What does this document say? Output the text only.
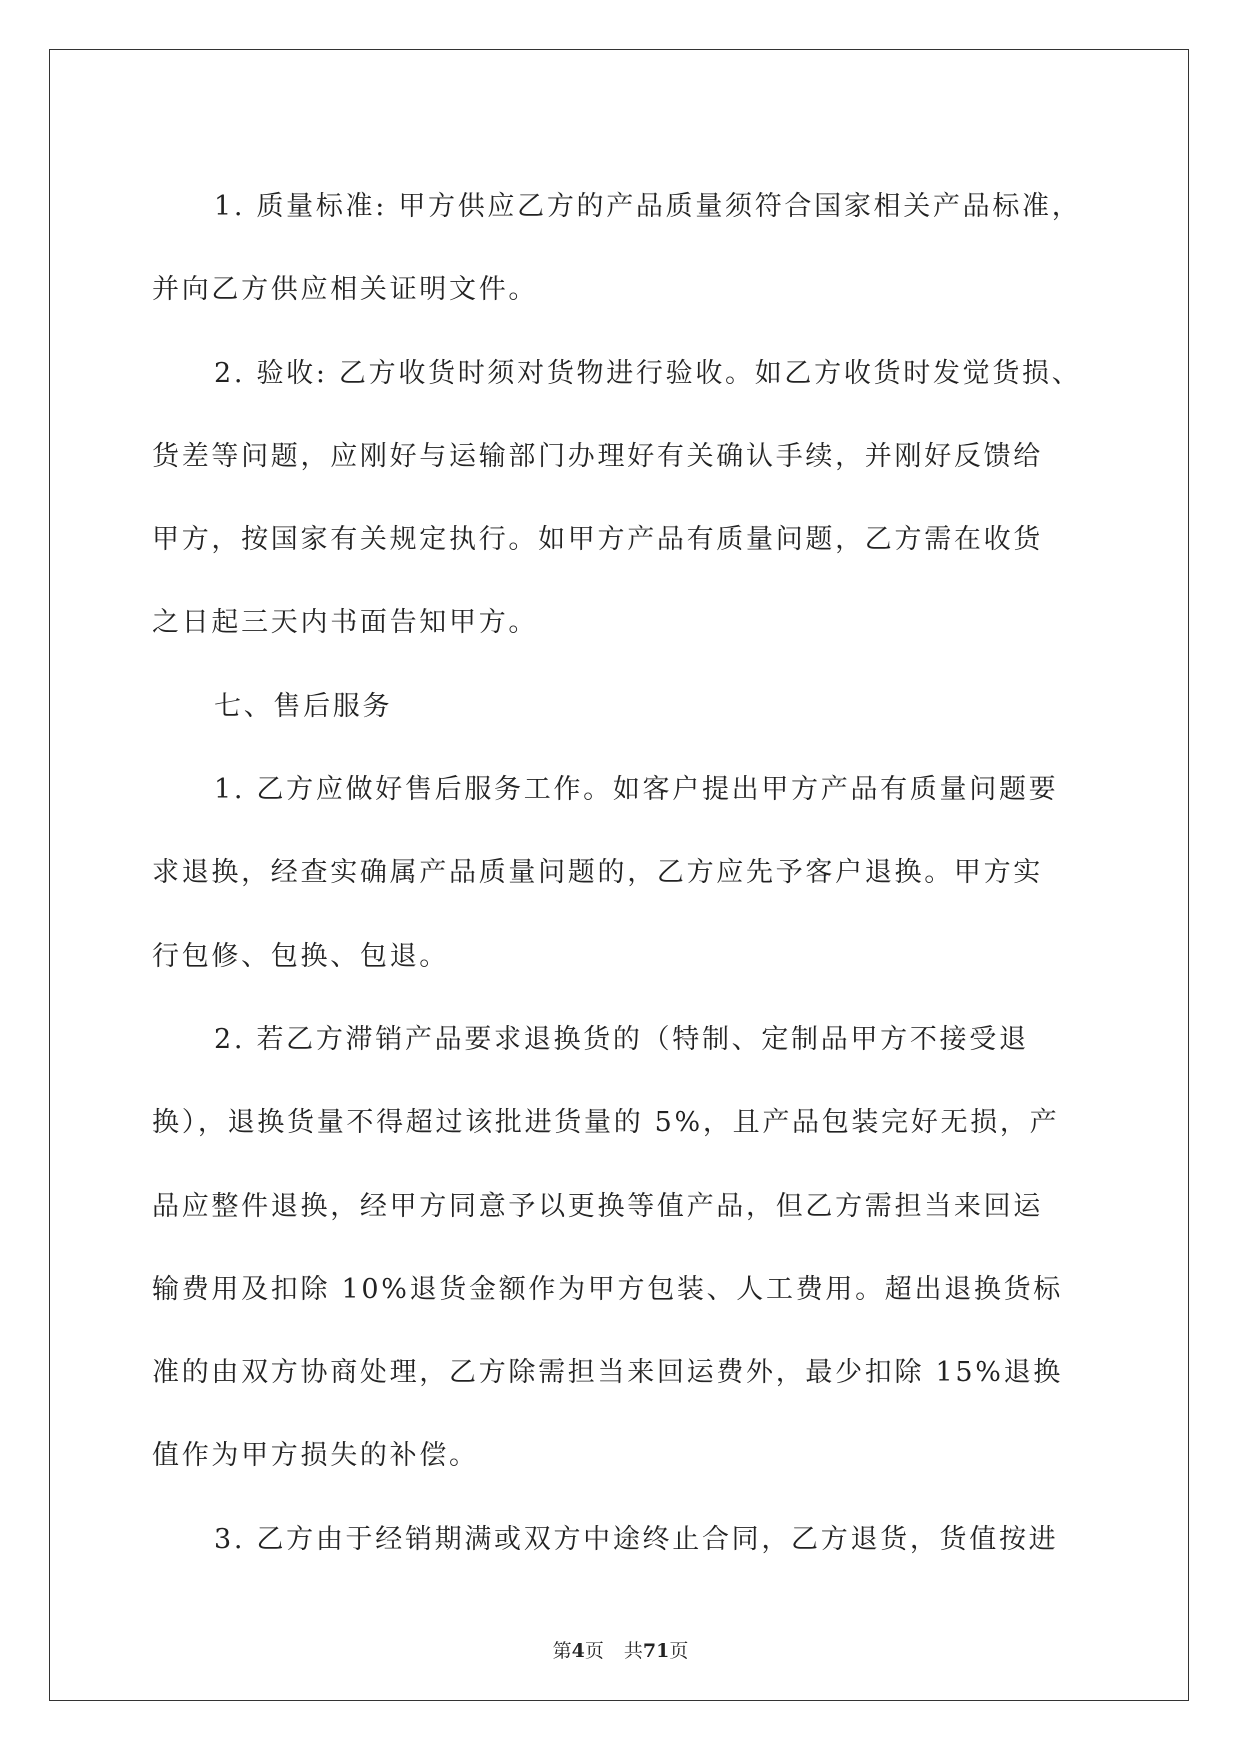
1. 质量标准: 甲方供应乙方的产品质量须符合国家相关产品标准，
并向乙方供应相关证明文件。
2. 验收: 乙方收货时须对货物进行验收。如乙方收货时发觉货损、
货差等问题，应刚好与运输部门办理好有关确认手续，并刚好反馈给
甲方，按国家有关规定执行。如甲方产品有质量问题，乙方需在收货
之日起三天内书面告知甲方。
七、售后服务
1. 乙方应做好售后服务工作。如客户提出甲方产品有质量问题要
求退换，经查实确属产品质量问题的，乙方应先予客户退换。甲方实
行包修、包换、包退。
2. 若乙方滞销产品要求退换货的（特制、定制品甲方不接受退
换），退换货量不得超过该批进货量的 5%，且产品包装完好无损，产
品应整件退换，经甲方同意予以更换等值产品，但乙方需担当来回运
输费用及扣除 10%退货金额作为甲方包装、人工费用。超出退换货标
准的由双方协商处理，乙方除需担当来回运费外，最少扣除 15%退换
值作为甲方损失的补偿。
3. 乙方由于经销期满或双方中途终止合同，乙方退货，货值按进
第4页 共71页
